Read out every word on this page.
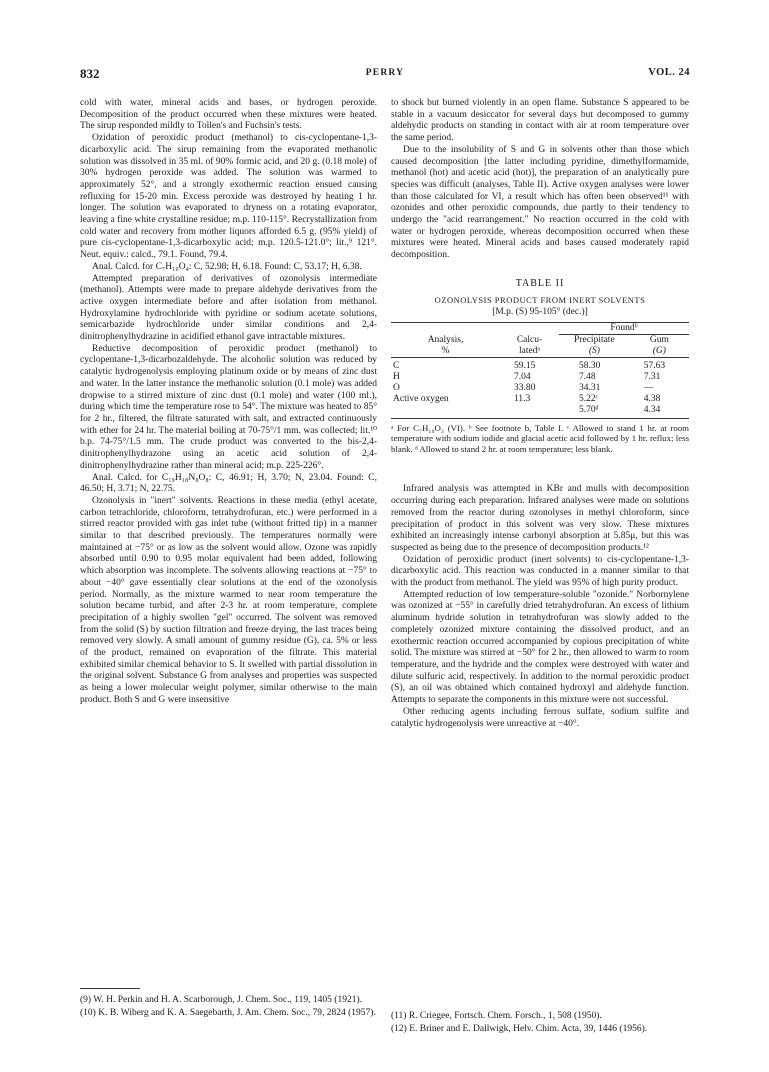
832	PERRY	VOL. 24

cold with water, mineral acids and bases, or hydrogen peroxide. Decomposition of the product occurred when these mixtures were heated. The sirup responded mildly to Tollen's and Fuchsin's tests.

Ozidation of peroxidic product (methanol) to cis-cyclopentane-1,3-dicarboxylic acid. The sirup remaining from the evaporated methanolic solution was dissolved in 35 ml. of 90% formic acid, and 20 g. (0.18 mole) of 30% hydrogen peroxide was added. The solution was warmed to approximately 52°, and a strongly exothermic reaction ensued causing refluxing for 15-20 min. Excess peroxide was destroyed by heating 1 hr. longer. The solution was evaporated to dryness on a rotating evaporator, leaving a fine white crystalline residue; m.p. 110-115°. Recrystallization from cold water and recovery from mother liquors afforded 6.5 g. (95% yield) of pure cis-cyclopentane-1,3-dicarboxylic acid; m.p. 120.5-121.0°; lit.,⁹ 121°. Neut. equiv.: calcd., 79.1. Found, 79.4.

Anal. Calcd. for C₇H₁₀O₄: C, 52.98; H, 6.18. Found: C, 53.17; H, 6.38.

Attempted preparation of derivatives of ozonolysis intermediate (methanol). Attempts were made to prepare aldehyde derivatives from the active oxygen intermediate before and after isolation from methanol. Hydroxylamine hydrochloride with pyridine or sodium acetate solutions, semicarbazide hydrochloride under similar conditions and 2,4-dinitrophenylhydrazine in acidified ethanol gave intractable mixtures.

Reductive decomposition of peroxidic product (methanol) to cyclopentane-1,3-dicarbozaldehyde. The alcoholic solution was reduced by catalytic hydrogenolysis employing platinum oxide or by means of zinc dust and water. In the latter instance the methanolic solution (0.1 mole) was added dropwise to a stirred mixture of zinc dust (0.1 mole) and water (100 ml.), during which time the temperature rose to 54°. The mixture was heated to 85° for 2 hr., filtered, the filtrate saturated with salt, and extracted continuously with ether for 24 hr. The material boiling at 70-75°/1 mm. was collected; lit.¹⁰ b.p. 74-75°/1.5 mm. The crude product was converted to the bis-2,4-dinitrophenylhydrazone using an acetic acid solution of 2,4-dinitrophenylhydrazine rather than mineral acid; m.p. 225-226°.

Anal. Calcd. for C₁₉H₁₈N₈O₈: C, 46.91; H, 3.70; N, 23.04. Found: C, 46.50; H, 3.71; N, 22.75.

Ozonolysis in "inert" solvents. Reactions in these media (ethyl acetate, carbon tetrachloride, chloroform, tetrahydrofuran, etc.) were performed in a stirred reactor provided with gas inlet tube (without fritted tip) in a manner similar to that described previously. The temperatures normally were maintained at −75° or as low as the solvent would allow. Ozone was rapidly absorbed until 0.90 to 0.95 molar equivalent had been added, following which absorption was incomplete. The solvents allowing reactions at −75° to about −40° gave essentially clear solutions at the end of the ozonolysis period. Normally, as the mixture warmed to near room temperature the solution became turbid, and after 2-3 hr. at room temperature, complete precipitation of a highly swollen "gel" occurred. The solvent was removed from the solid (S) by suction filtration and freeze drying, the last traces being removed very slowly. A small amount of gummy residue (G), ca. 5% or less of the product, remained on evaporation of the filtrate. This material exhibited similar chemical behavior to S. It swelled with partial dissolution in the original solvent. Substance G from analyses and properties was suspected as being a lower molecular weight polymer, similar otherwise to the main product. Both S and G were insensitive

to shock but burned violently in an open flame. Substance S appeared to be stable in a vacuum desiccator for several days but decomposed to gummy aldehydic products on standing in contact with air at room temperature over the same period.

Due to the insolubility of S and G in solvents other than those which caused decomposition [the latter including pyridine, dimethylformamide, methanol (hot) and acetic acid (hot)], the preparation of an analytically pure species was difficult (analyses, Table II). Active oxygen analyses were lower than those calculated for VI, a result which has often been observed¹¹ with ozonides and other peroxidic compounds, due partly to their tendency to undergo the "acid rearrangement." No reaction occurred in the cold with water or hydrogen peroxide, whereas decomposition occurred when these mixtures were heated. Mineral acids and bases caused moderately rapid decomposition.

TABLE II
OZONOLYSIS PRODUCT FROM INERT SOLVENTS
[M.p. (S) 95-105° (dec.)]
		Foundᵇ	
Analysis,	Calcu-	Precipitate	Gum
%	latedᵃ	(S)	(G)
C	59.15	58.30	57.63
H	7.04	7.48	7.31
O	33.80	34.31	—
Active oxygen	11.3	5.22ᶜ	4.38
		5.70ᵈ	4.34
ᵃ For C₇H₁₀O₃ (VI). ᵇ See footnote b, Table I. ᶜ Allowed to stand 1 hr. at room temperature with sodium iodide and glacial acetic acid followed by 1 hr. reflux; less blank. ᵈ Allowed to stand 2 hr. at room temperature; less blank.

Infrared analysis was attempted in KBr and mulls with decomposition occurring during each preparation. Infrared analyses were made on solutions removed from the reactor during ozonolyses in methyl chloroform, since precipitation of product in this solvent was very slow. These mixtures exhibited an increasingly intense carbonyl absorption at 5.85μ, but this was suspected as being due to the presence of decomposition products.¹²

Ozidation of peroxidic product (inert solvents) to cis-cyclopentane-1,3-dicarboxylic acid. This reaction was conducted in a manner similar to that with the product from methanol. The yield was 95% of high purity product.

Attempted reduction of low temperature-soluble "ozonide." Norbornylene was ozonized at −55° in carefully dried tetrahydrofuran. An excess of lithium aluminum hydride solution in tetrahydrofuran was slowly added to the completely ozonized mixture containing the dissolved product, and an exothermic reaction occurred accompanied by copious precipitation of white solid. The mixture was stirred at −50° for 2 hr., then allowed to warm to room temperature, and the hydride and the complex were destroyed with water and dilute sulfuric acid, respectively. In addition to the normal peroxidic product (S), an oil was obtained which contained hydroxyl and aldehyde function. Attempts to separate the components in this mixture were not successful.

Other reducing agents including ferrous sulfate, sodium sulfite and catalytic hydrogenolysis were unreactive at −40°.

(9) W. H. Perkin and H. A. Scarborough, J. Chem. Soc., 119, 1405 (1921).

(10) K. B. Wiberg and K. A. Saegebarth, J. Am. Chem. Soc., 79, 2824 (1957). (11) R. Criegee, Fortsch. Chem. Forsch., 1, 508 (1950).

(12) E. Briner and E. Dallwigk, Helv. Chim. Acta, 39, 1446 (1956).
